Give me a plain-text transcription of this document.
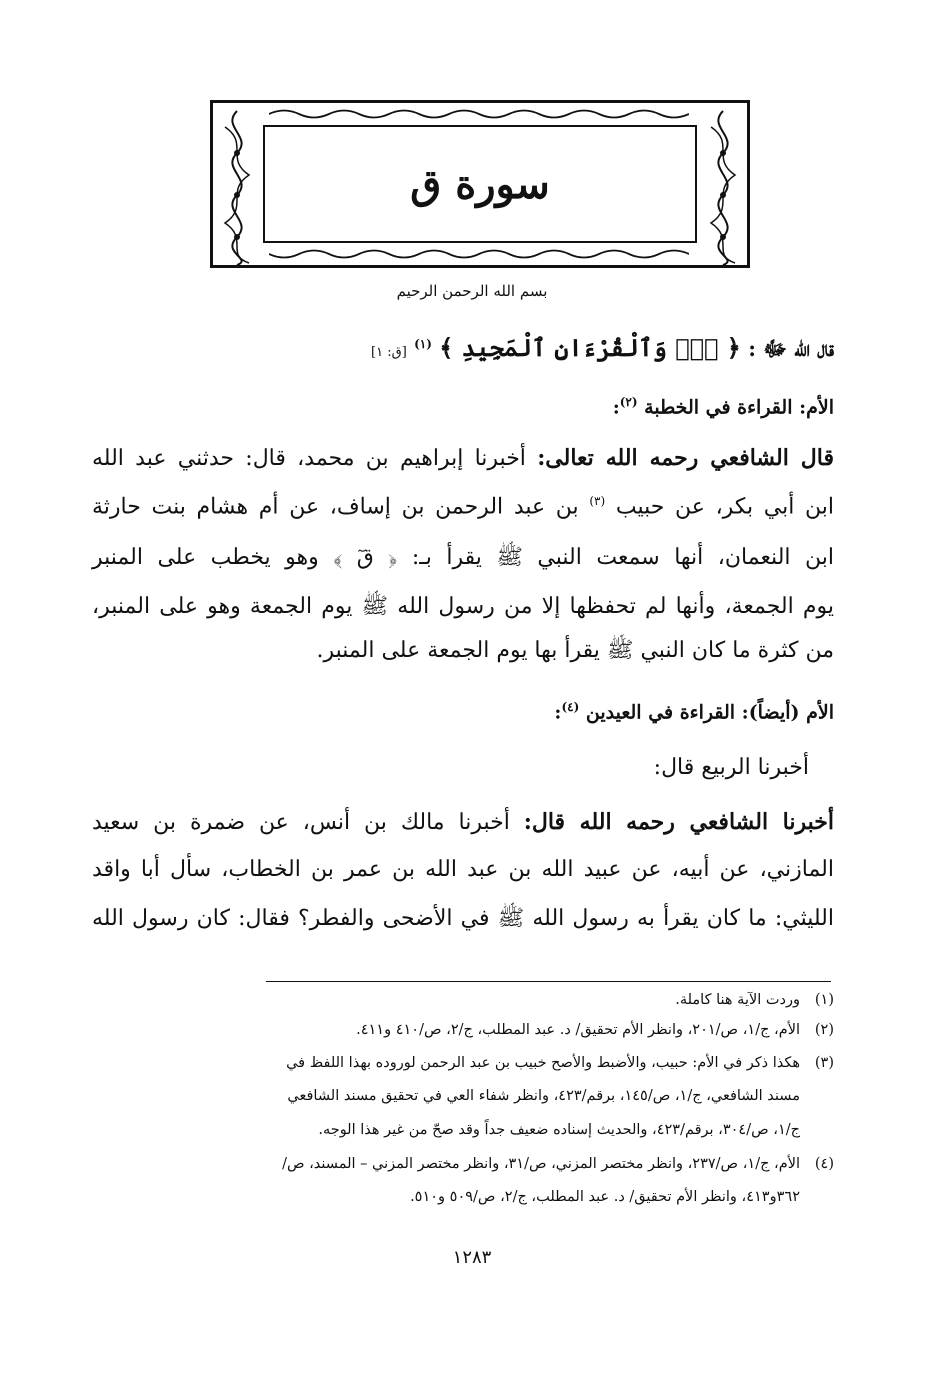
سورة ق
بسم الله الرحمن الرحيم
قال الله ﷻ : ﴿ قٓۚ وَٱلْقُرْءَانِ ٱلْمَجِيدِ ﴾ $^{(١)}$ [ق: ١]
الأم: القراءة في الخطبة $^{(٢)}$:
قال الشافعي رحمه الله تعالى: أخبرنا إبراهيم بن محمد، قال: حدثني عبد الله
ابن أبي بكر، عن حبيب $^{(٣)}$ بن عبد الرحمن بن إساف، عن أم هشام بنت حارثة
ابن النعمان، أنها سمعت النبي ﷺ يقرأ بـ: ﴿ قٓ ﴾ وهو يخطب على المنبر
يوم الجمعة، وأنها لم تحفظها إلا من رسول الله ﷺ يوم الجمعة وهو على المنبر،
من كثرة ما كان النبي ﷺ يقرأ بها يوم الجمعة على المنبر.
الأم (أيضاً): القراءة في العيدين $^{(٤)}$:
أخبرنا الربيع قال:
أخبرنا الشافعي رحمه الله قال: أخبرنا مالك بن أنس، عن ضمرة بن سعيد
المازني، عن أبيه، عن عبيد الله بن عبد الله بن عمر بن الخطاب، سأل أبا واقد
الليثي: ما كان يقرأ به رسول الله ﷺ في الأضحى والفطر؟ فقال: كان رسول الله
(١)وردت الآية هنا كاملة.
(٢)الأم، ج/١، ص/٢٠١، وانظر الأم تحقيق/ د. عبد المطلب، ج/٢، ص/٤١٠ و٤١١.
(٣)هكذا ذكر في الأم: حبيب، والأضبط والأصح خبيب بن عبد الرحمن لوروده بهذا اللفظ في
مسند الشافعي، ج/١، ص/١٤٥، برقم/٤٢٣، وانظر شفاء العي في تحقيق مسند الشافعي
ج/١، ص/٣٠٤، برقم/٤٢٣، والحديث إسناده ضعيف جداً وقد صحّ من غير هذا الوجه.
(٤)الأم، ج/١، ص/٢٣٧، وانظر مختصر المزني، ص/٣١، وانظر مختصر المزني – المسند، ص/
٣٦٢و٤١٣، وانظر الأم تحقيق/ د. عبد المطلب، ج/٢، ص/٥٠٩ و٥١٠.
١٢٨٣
